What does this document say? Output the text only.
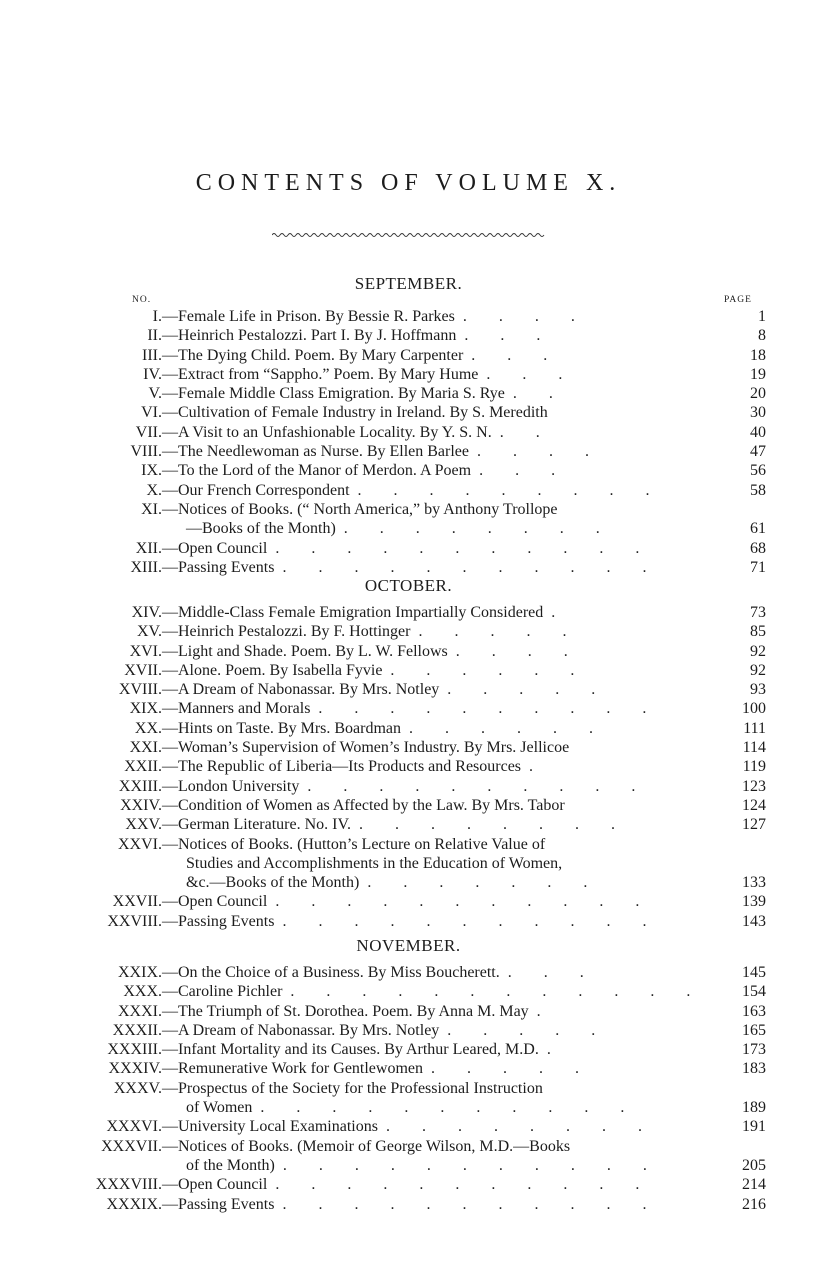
CONTENTS OF VOLUME X.
SEPTEMBER.
NO.	PAGE
I. — Female Life in Prison. By Bessie R. Parkes . . . .	1
II. — Heinrich Pestalozzi. Part I. By J. Hoffmann . . .	8
III. — The Dying Child. Poem. By Mary Carpenter . . .	18
IV. — Extract from “Sappho.” Poem. By Mary Hume . . .	19
V. — Female Middle Class Emigration. By Maria S. Rye . .	20
VI. — Cultivation of Female Industry in Ireland. By S. Meredith	30
VII. — A Visit to an Unfashionable Locality. By Y. S. N. . .	40
VIII. — The Needlewoman as Nurse. By Ellen Barlee . . . .	47
IX. — To the Lord of the Manor of Merdon. A Poem . . .	56
X. — Our French Correspondent . . . . . . . . .	58
XI. — Notices of Books. (“ North America,” by Anthony Trollope
—Books of the Month) . . . . . . . .	61
XII. — Open Council . . . . . . . . . . .	68
XIII. — Passing Events . . . . . . . . . . .	71
OCTOBER.
XIV. — Middle-Class Female Emigration Impartially Considered .	73
XV. — Heinrich Pestalozzi. By F. Hottinger . . . . .	85
XVI. — Light and Shade. Poem. By L. W. Fellows . . . .	92
XVII. — Alone. Poem. By Isabella Fyvie . . . . . .	92
XVIII. — A Dream of Nabonassar. By Mrs. Notley . . . . .	93
XIX. — Manners and Morals . . . . . . . . . .	100
XX. — Hints on Taste. By Mrs. Boardman . . . . . .	111
XXI. — Woman’s Supervision of Women’s Industry. By Mrs. Jellicoe	114
XXII. — The Republic of Liberia—Its Products and Resources .	119
XXIII. — London University . . . . . . . . . .	123
XXIV. — Condition of Women as Affected by the Law. By Mrs. Tabor	124
XXV. — German Literature. No. IV. . . . . . . . .	127
XXVI. — Notices of Books. (Hutton’s Lecture on Relative Value of
Studies and Accomplishments in the Education of Women,
&c.—Books of the Month) . . . . . . .	133
XXVII. — Open Council . . . . . . . . . . .	139
XXVIII. — Passing Events . . . . . . . . . . .	143
NOVEMBER.
XXIX. — On the Choice of a Business. By Miss Boucherett. . . .	145
XXX. — Caroline Pichler . . . . . . . . . . . .	154
XXXI. — The Triumph of St. Dorothea. Poem. By Anna M. May .	163
XXXII. — A Dream of Nabonassar. By Mrs. Notley . . . . .	165
XXXIII. — Infant Mortality and its Causes. By Arthur Leared, M.D. .	173
XXXIV. — Remunerative Work for Gentlewomen . . . . .	183
XXXV. — Prospectus of the Society for the Professional Instruction
of Women . . . . . . . . . . .	189
XXXVI. — University Local Examinations . . . . . . . .	191
XXXVII. — Notices of Books. (Memoir of George Wilson, M.D.—Books
of the Month) . . . . . . . . . . .	205
XXXVIII. — Open Council . . . . . . . . . . .	214
XXXIX. — Passing Events . . . . . . . . . . .	216
